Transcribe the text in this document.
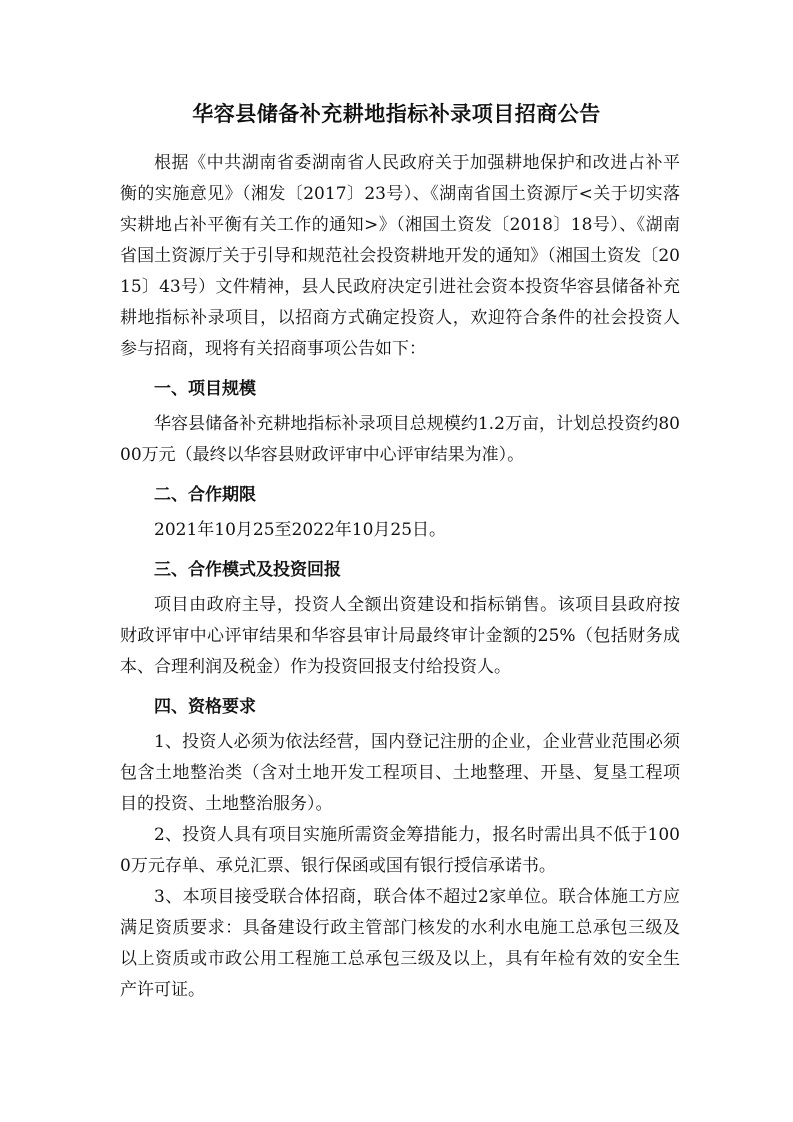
华容县储备补充耕地指标补录项目招商公告

根据《中共湖南省委湖南省人民政府关于加强耕地保护和改进占补平衡的实施意见》（湘发〔2017〕23号）、《湖南省国土资源厅<关于切实落实耕地占补平衡有关工作的通知>》（湘国土资发〔2018〕18号）、《湖南省国土资源厅关于引导和规范社会投资耕地开发的通知》（湘国土资发〔2015〕43号）文件精神，县人民政府决定引进社会资本投资华容县储备补充耕地指标补录项目，以招商方式确定投资人，欢迎符合条件的社会投资人参与招商，现将有关招商事项公告如下：

一、项目规模

华容县储备补充耕地指标补录项目总规模约1.2万亩，计划总投资约8000万元（最终以华容县财政评审中心评审结果为准）。

二、合作期限

2021年10月25至2022年10月25日。

三、合作模式及投资回报

项目由政府主导，投资人全额出资建设和指标销售。该项目县政府按财政评审中心评审结果和华容县审计局最终审计金额的25%（包括财务成本、合理利润及税金）作为投资回报支付给投资人。

四、资格要求

1、投资人必须为依法经营，国内登记注册的企业，企业营业范围必须包含土地整治类（含对土地开发工程项目、土地整理、开垦、复垦工程项目的投资、土地整治服务）。

2、投资人具有项目实施所需资金筹措能力，报名时需出具不低于1000万元存单、承兑汇票、银行保函或国有银行授信承诺书。

3、本项目接受联合体招商，联合体不超过2家单位。联合体施工方应满足资质要求：具备建设行政主管部门核发的水利水电施工总承包三级及以上资质或市政公用工程施工总承包三级及以上，具有年检有效的安全生产许可证。
